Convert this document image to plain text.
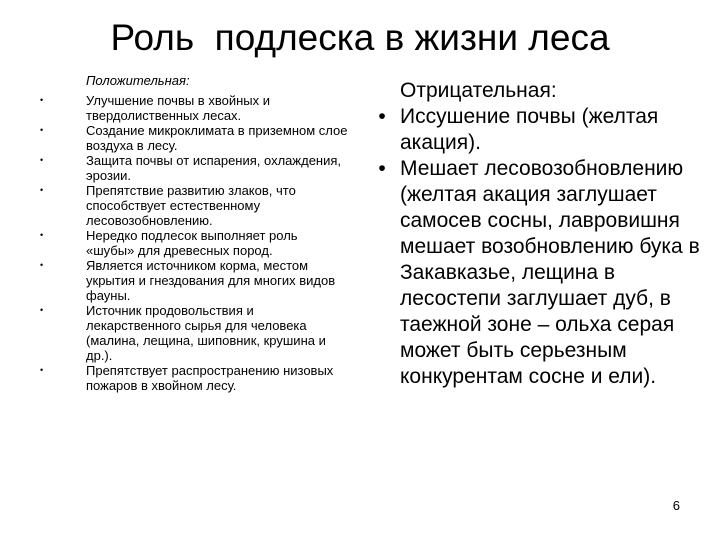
Роль  подлеска в жизни леса
Положительная:
•	Улучшение почвы в хвойных и твердолиственных лесах.
•	Создание микроклимата в приземном слое воздуха в лесу.
•	Защита почвы от испарения, охлаждения, эрозии.
•	Препятствие развитию злаков, что способствует естественному лесовозобновлению.
•	Нередко подлесок выполняет роль «шубы» для древесных пород.
•	Является источником корма, местом укрытия и гнездования для многих видов фауны.
•	Источник продовольствия и лекарственного сырья для человека (малина, лещина, шиповник, крушина и др.).
•	Препятствует распространению низовых пожаров в хвойном лесу.
Отрицательная:
• Иссушение почвы (желтая акация).
• Мешает лесовозобновлению (желтая акация заглушает самосев сосны, лавровишня мешает возобновлению бука в Закавказье, лещина в лесостепи заглушает дуб, в таежной зоне – ольха серая может быть серьезным конкурентам сосне и ели).
6
